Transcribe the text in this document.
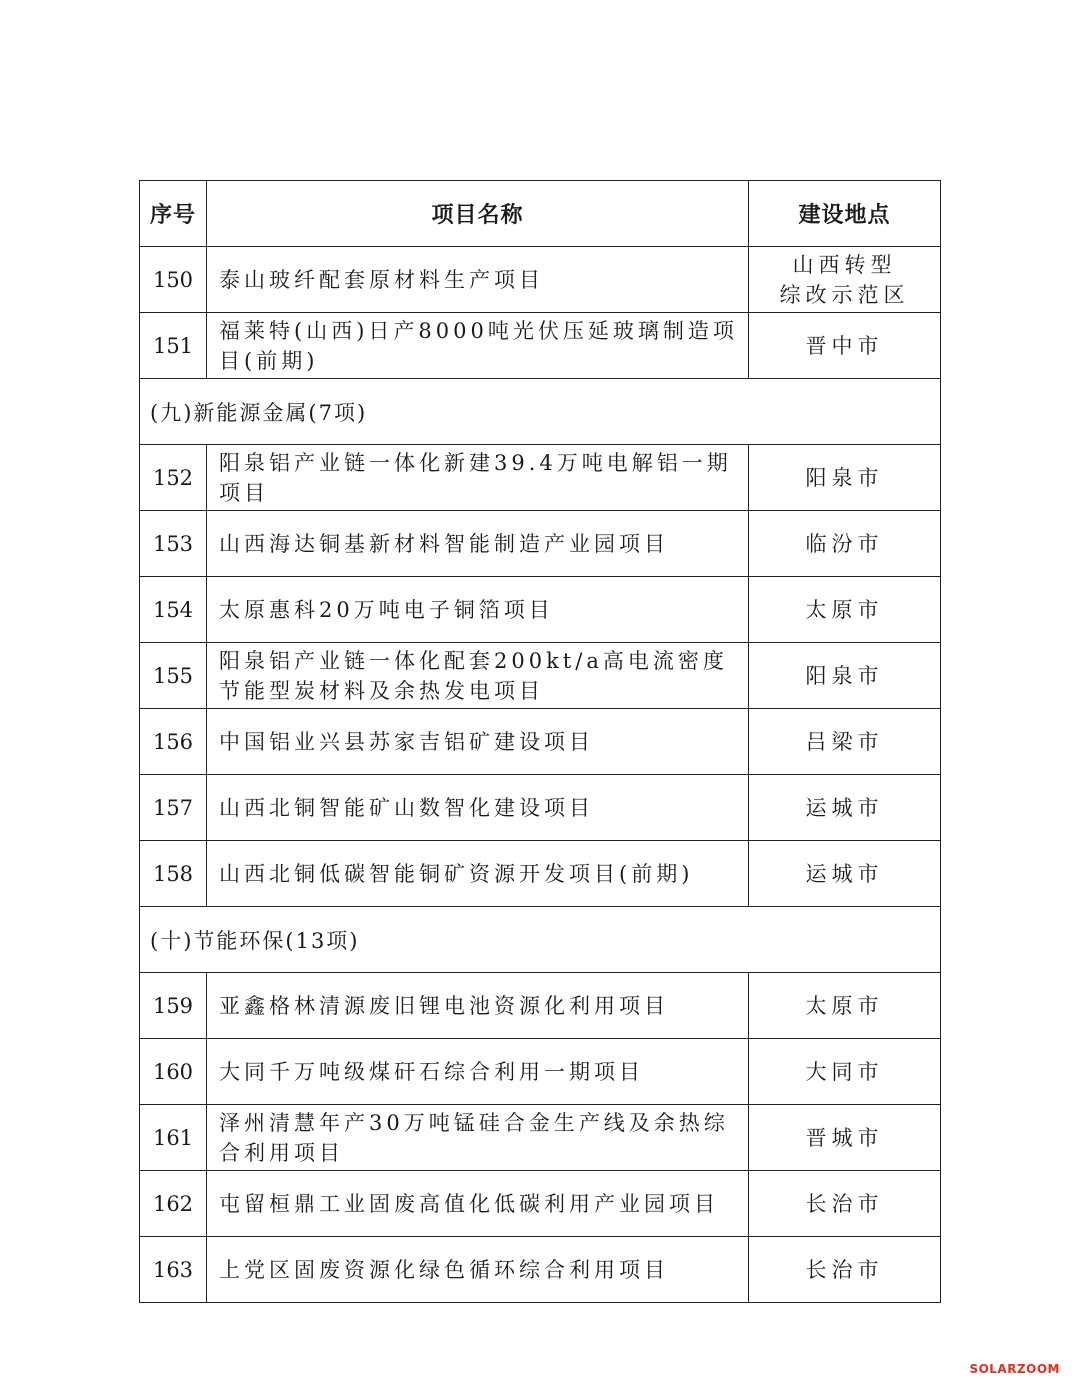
序号	项目名称	建设地点
150	泰山玻纤配套原材料生产项目	山西转型
综改示范区

151	福莱特(山西)日产8000吨光伏压延玻璃制造项目(前期)	晋中市

(九)新能源金属(7项)		
152	阳泉铝产业链一体化新建39.4万吨电解铝一期项目	阳泉市

153	山西海达铜基新材料智能制造产业园项目	临汾市

154	太原惠科20万吨电子铜箔项目	太原市

155	阳泉铝产业链一体化配套200kt/a高电流密度节能型炭材料及余热发电项目	阳泉市

156	中国铝业兴县苏家吉铝矿建设项目	吕梁市

157	山西北铜智能矿山数智化建设项目	运城市

158	山西北铜低碳智能铜矿资源开发项目(前期)	运城市

(十)节能环保(13项)		
159	亚鑫格林清源废旧锂电池资源化利用项目	太原市

160	大同千万吨级煤矸石综合利用一期项目	大同市

161	泽州清慧年产30万吨锰硅合金生产线及余热综合利用项目	晋城市

162	屯留桓鼎工业固废高值化低碳利用产业园项目	长治市

163	上党区固废资源化绿色循环综合利用项目	长治市
SOLARZOOM
